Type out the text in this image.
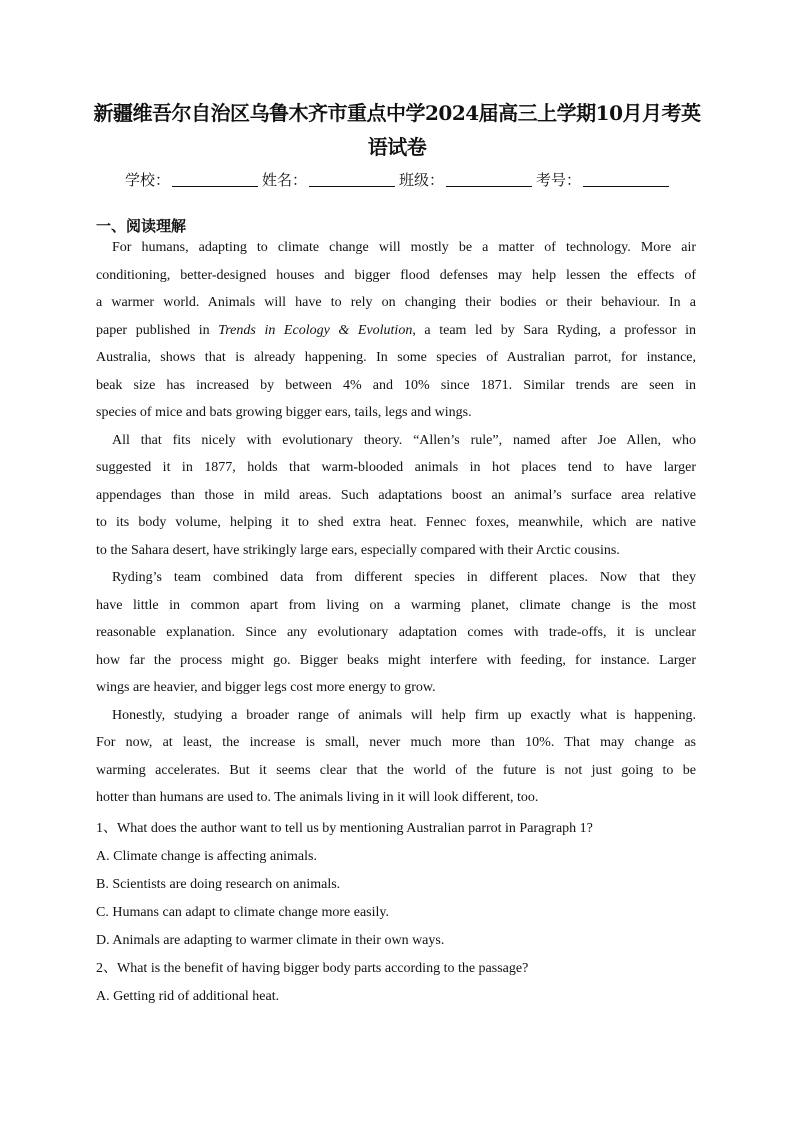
新疆维吾尔自治区乌鲁木齐市重点中学2024届高三上学期10月月考英
语试卷
学校：	姓名：	班级：	考号：
一、阅读理解
For humans, adapting to climate change will mostly be a matter of technology. More air
conditioning, better-designed houses and bigger flood defenses may help lessen the effects of
a warmer world. Animals will have to rely on changing their bodies or their behaviour. In a
paper published in Trends in Ecology & Evolution, a team led by Sara Ryding, a professor in
Australia, shows that is already happening. In some species of Australian parrot, for instance,
beak size has increased by between 4% and 10% since 1871. Similar trends are seen in
species of mice and bats growing bigger ears, tails, legs and wings.
All that fits nicely with evolutionary theory. “Allen’s rule”, named after Joe Allen, who
suggested it in 1877, holds that warm-blooded animals in hot places tend to have larger
appendages than those in mild areas. Such adaptations boost an animal’s surface area relative
to its body volume, helping it to shed extra heat. Fennec foxes, meanwhile, which are native
to the Sahara desert, have strikingly large ears, especially compared with their Arctic cousins.
Ryding’s team combined data from different species in different places. Now that they
have little in common apart from living on a warming planet, climate change is the most
reasonable explanation. Since any evolutionary adaptation comes with trade-offs, it is unclear
how far the process might go. Bigger beaks might interfere with feeding, for instance. Larger
wings are heavier, and bigger legs cost more energy to grow.
Honestly, studying a broader range of animals will help firm up exactly what is happening.
For now, at least, the increase is small, never much more than 10%. That may change as
warming accelerates. But it seems clear that the world of the future is not just going to be
hotter than humans are used to. The animals living in it will look different, too.
1、What does the author want to tell us by mentioning Australian parrot in Paragraph 1?
A. Climate change is affecting animals.
B. Scientists are doing research on animals.
C. Humans can adapt to climate change more easily.
D. Animals are adapting to warmer climate in their own ways.
2、What is the benefit of having bigger body parts according to the passage?
A. Getting rid of additional heat.
